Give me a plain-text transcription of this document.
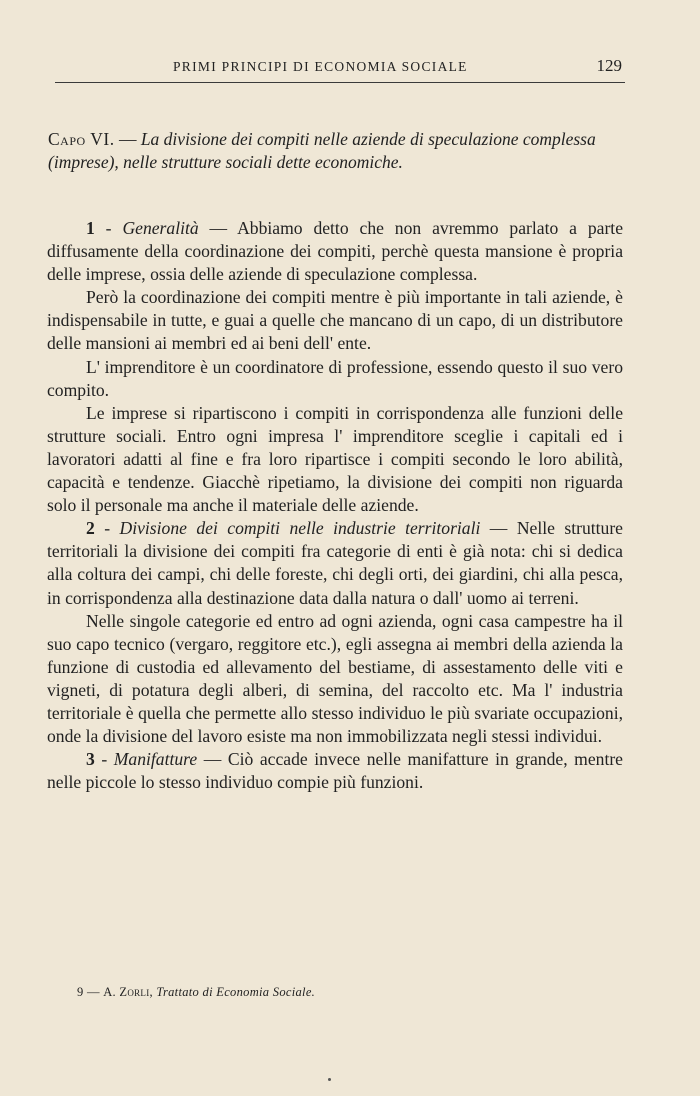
PRIMI PRINCIPI DI ECONOMIA SOCIALE	129
Capo VI. — La divisione dei compiti nelle aziende di speculazione complessa (imprese), nelle strutture sociali dette economiche.

1 - Generalità — Abbiamo detto che non avremmo parlato a parte diffusamente della coordinazione dei compiti, perchè questa mansione è propria delle imprese, ossia delle aziende di speculazione complessa.

Però la coordinazione dei compiti mentre è più importante in tali aziende, è indispensabile in tutte, e guai a quelle che mancano di un capo, di un distributore delle mansioni ai membri ed ai beni dell' ente.

L' imprenditore è un coordinatore di professione, essendo questo il suo vero compito.

Le imprese si ripartiscono i compiti in corrispondenza alle funzioni delle strutture sociali. Entro ogni impresa l' imprenditore sceglie i capitali ed i lavoratori adatti al fine e fra loro ripartisce i compiti secondo le loro abilità, capacità e tendenze. Giacchè ripetiamo, la divisione dei compiti non riguarda solo il personale ma anche il materiale delle aziende.

2 - Divisione dei compiti nelle industrie territoriali — Nelle strutture territoriali la divisione dei compiti fra categorie di enti è già nota: chi si dedica alla coltura dei campi, chi delle foreste, chi degli orti, dei giardini, chi alla pesca, in corrispondenza alla destinazione data dalla natura o dall' uomo ai terreni.

Nelle singole categorie ed entro ad ogni azienda, ogni casa campestre ha il suo capo tecnico (vergaro, reggitore etc.), egli assegna ai membri della azienda la funzione di custodia ed allevamento del bestiame, di assestamento delle viti e vigneti, di potatura degli alberi, di semina, del raccolto etc. Ma l' industria territoriale è quella che permette allo stesso individuo le più svariate occupazioni, onde la divisione del lavoro esiste ma non immobilizzata negli stessi individui.

3 - Manifatture — Ciò accade invece nelle manifatture in grande, mentre nelle piccole lo stesso individuo compie più funzioni.

9 — A. Zorli, Trattato di Economia Sociale.
